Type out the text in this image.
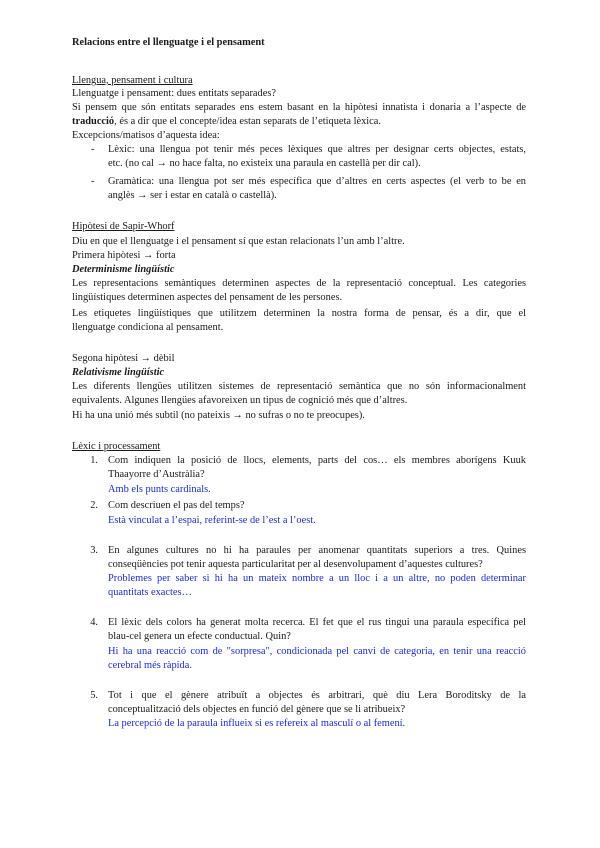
Relacions entre el llenguatge i el pensament
Llengua, pensament i cultura
Llenguatge i pensament: dues entitats separades?
Si pensem que són entitats separades ens estem basant en la hipòtesi innatista i donaria a l’aspecte de
traducció, és a dir que el concepte/idea estan separats de l’etiqueta lèxica.
Excepcions/matisos d’aquesta idea:
- Lèxic: una llengua pot tenir més peces lèxiques que altres per designar certs objectes, estats,
etc. (no cal → no hace falta, no existeix una paraula en castellà per dir cal).
- Gramàtica: una llengua pot ser més específica que d’altres en certs aspectes (el verb to be en
anglès → ser i estar en català o castellà).
Hipòtesi de Sapir-Whorf
Diu en que el llenguatge i el pensament sí que estan relacionats l’un amb l’altre.
Primera hipòtesi → forta
Determinisme lingüístic
Les representacions semàntiques determinen aspectes de la representació conceptual. Les categories
lingüístiques determinen aspectes del pensament de les persones.
Les etiquetes lingüístiques que utilitzem determinen la nostra forma de pensar, és a dir, que el
llenguatge condiciona al pensament.
Segona hipòtesi → dèbil
Relativisme lingüístic
Les diferents llengües utilitzen sistemes de representació semàntica que no són informacionalment
equivalents. Algunes llengües afavoreixen un tipus de cognició més que d’altres.
Hi ha una unió més subtil (no pateixis → no sufras o no te preocupes).
Lèxic i processament
1. Com indiquen la posició de llocs, elements, parts del cos… els membres aborígens Kuuk
Thaayorre d’Austràlia?
Amb els punts cardinals.
2. Com descriuen el pas del temps?
Està vinculat a l’espai, referint-se de l’est a l’oest.
3. En algunes cultures no hi ha paraules per anomenar quantitats superiors a tres. Quines
conseqüències pot tenir aquesta particularitat per al desenvolupament d’aquestes cultures?
Problemes per saber si hi ha un mateix nombre a un lloc i a un altre, no poden determinar
quantitats exactes…
4. El lèxic dels colors ha generat molta recerca. El fet que el rus tingui una paraula específica pel
blau-cel genera un efecte conductual. Quin?
Hi ha una reacció com de "sorpresa", condicionada pel canvi de categoria, en tenir una reacció
cerebral més ràpida.
5. Tot i que el gènere atribuït a objectes és arbitrari, què diu Lera Boroditsky de la
conceptualització dels objectes en funció del gènere que se li atribueix?
La percepció de la paraula influeix si es refereix al masculí o al femení.
